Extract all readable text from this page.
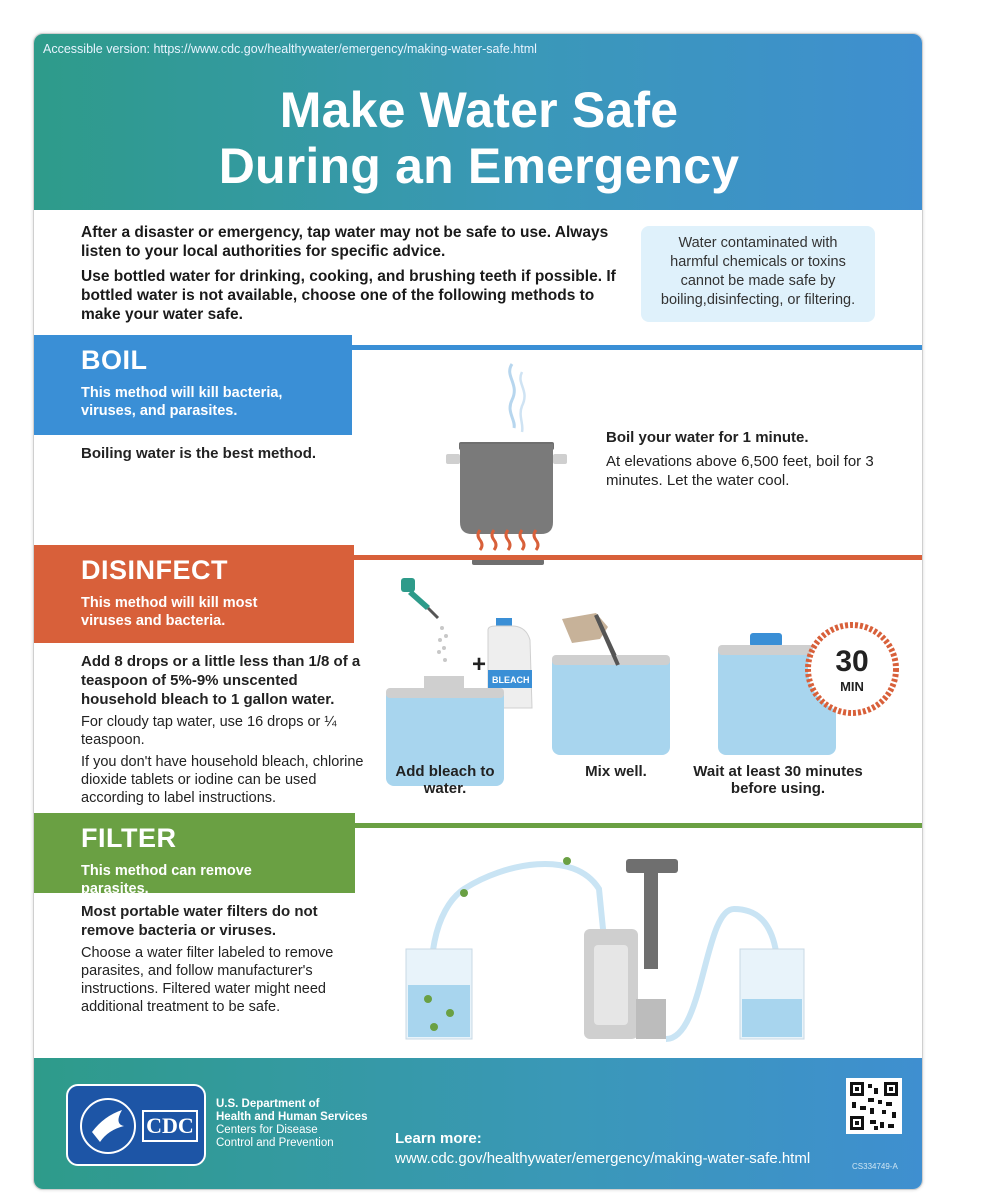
Accessible version: https://www.cdc.gov/healthywater/emergency/making-water-safe.html
Make Water Safe
During an Emergency

After a disaster or emergency, tap water may not be safe to use. Always listen to your local authorities for specific advice.

Use bottled water for drinking, cooking, and brushing teeth if possible. If bottled water is not available, choose one of the following methods to make your water safe.

Water contaminated with harmful chemicals or toxins cannot be made safe by boiling,disinfecting, or filtering.
BOIL
This method will kill bacteria, viruses, and parasites.
Boiling water is the best method.
Boil your water for 1 minute.
At elevations above 6,500 feet, boil for 3 minutes. Let the water cool.
DISINFECT
This method will kill most viruses and bacteria.
Add 8 drops or a little less than 1/8 of a teaspoon of 5%-9% unscented household bleach to 1 gallon water.

For cloudy tap water, use 16 drops or ¼ teaspoon.

If you don't have household bleach, chlorine dioxide tablets or iodine can be used according to label instructions.

+
BLEACH
30
MIN
Add bleach to water.
Mix well.	Wait at least 30 minutes before using.
FILTER
This method can remove parasites.
Most portable water filters do not remove bacteria or viruses.

Choose a water filter labeled to remove parasites, and follow manufacturer's instructions. Filtered water might need additional treatment to be safe.

CDC
U.S. Department of
Health and Human Services
Centers for Disease
Control and Prevention	Learn more:
www.cdc.gov/healthywater/emergency/making-water-safe.html	CS334749-A
